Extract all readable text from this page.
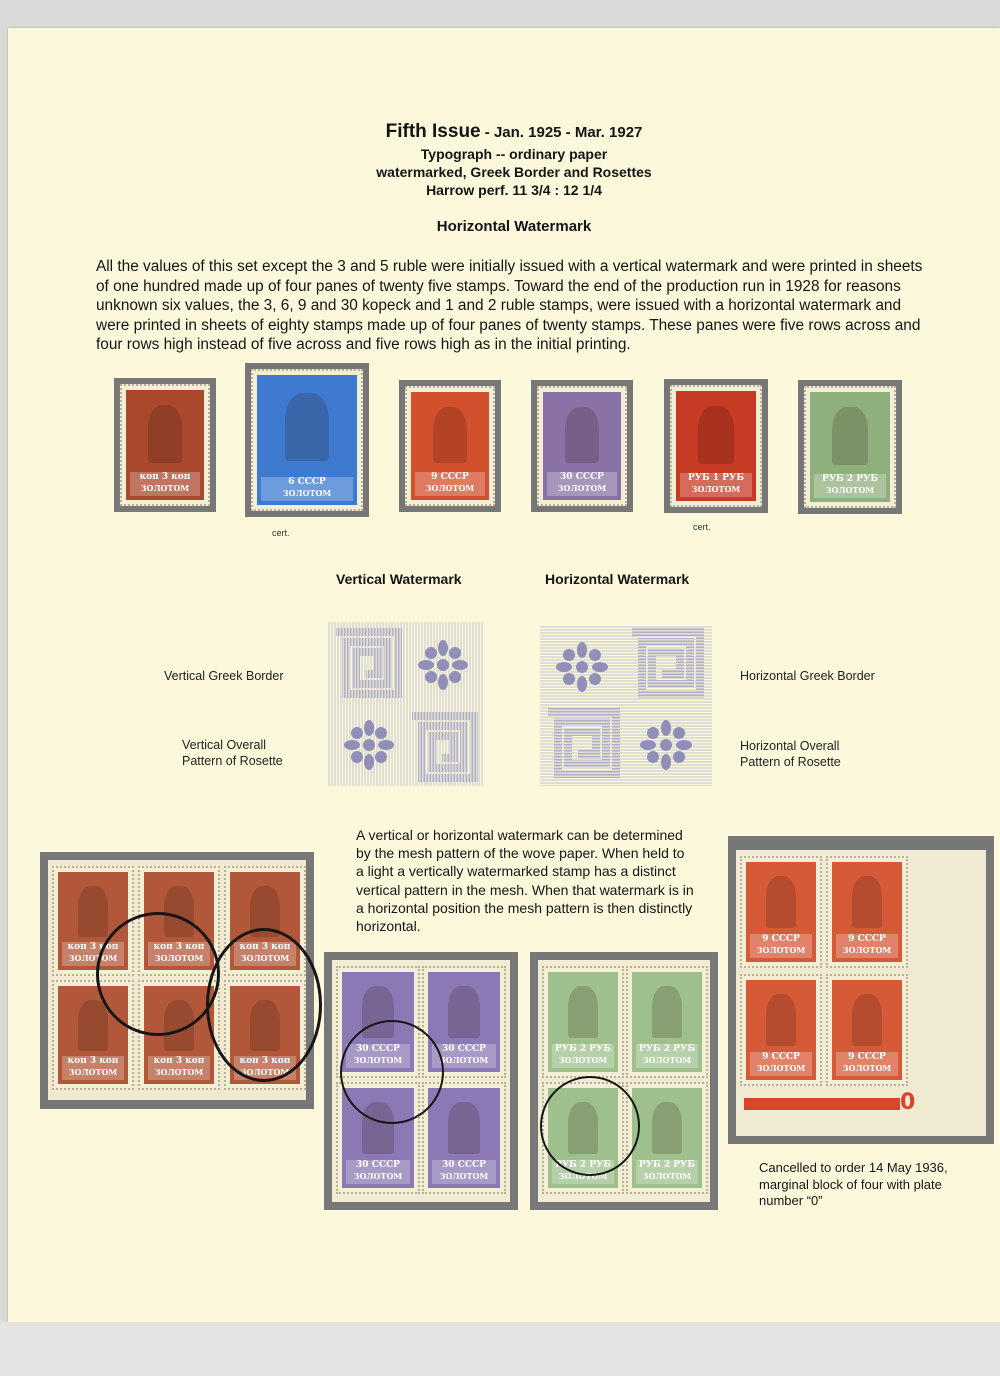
Fifth Issue - Jan. 1925 - Mar. 1927
Typograph -- ordinary paper
watermarked, Greek Border and Rosettes
Harrow perf. 11 3/4 : 12 1/4
Horizontal Watermark
All the values of this set except the 3 and 5 ruble were initially issued with a vertical watermark and were printed in sheets of one hundred made up of four panes of twenty five stamps. Toward the end of the production run in 1928 for reasons unknown six values, the 3, 6, 9 and 30 kopeck and 1 and 2 ruble stamps, were issued with a horizontal watermark and were printed in sheets of eighty stamps made up of four panes of twenty stamps. These panes were five rows across and four rows high instead of five across and five rows high as in the initial printing.
коп 3 коп
ЗОЛОТОМ
6 СССР
ЗОЛОТОМ
9 СССР
ЗОЛОТОМ
30 СССР
ЗОЛОТОМ
РУБ 1 РУБ
ЗОЛОТОМ
РУБ 2 РУБ
ЗОЛОТОМ
cert.
cert.
Vertical Watermark	Horizontal Watermark
Vertical Greek Border
Vertical Overall
Pattern of Rosette
Horizontal Greek Border
Horizontal Overall
Pattern of Rosette
A vertical or horizontal watermark can be determined by the mesh pattern of the wove paper. When held to a light a vertically watermarked stamp has a distinct vertical pattern in the mesh. When that watermark is in a horizontal position the mesh pattern is then distinctly horizontal.
коп 3 коп
ЗОЛОТОМ
коп 3 коп
ЗОЛОТОМ
коп 3 коп
ЗОЛОТОМ
коп 3 коп
ЗОЛОТОМ
коп 3 коп
ЗОЛОТОМ
коп 3 коп
ЗОЛОТОМ
30 СССР
ЗОЛОТОМ
30 СССР
ЗОЛОТОМ
30 СССР
ЗОЛОТОМ
30 СССР
ЗОЛОТОМ
РУБ 2 РУБ
ЗОЛОТОМ
РУБ 2 РУБ
ЗОЛОТОМ
РУБ 2 РУБ
ЗОЛОТОМ
РУБ 2 РУБ
ЗОЛОТОМ
9 СССР
ЗОЛОТОМ
9 СССР
ЗОЛОТОМ
9 СССР
ЗОЛОТОМ
9 СССР
ЗОЛОТОМ
0
Cancelled to order 14 May 1936, marginal block of four with plate number “0”
